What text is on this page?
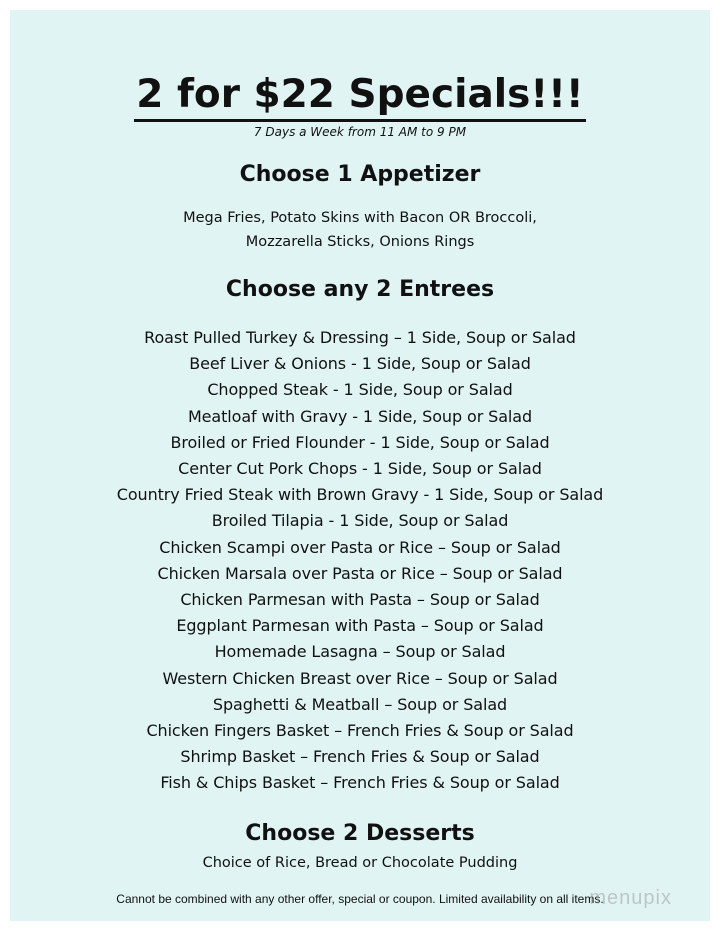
2 for $22 Specials!!!
7 Days a Week from 11 AM to 9 PM
Choose 1 Appetizer
Mega Fries, Potato Skins with Bacon OR Broccoli,
Mozzarella Sticks, Onions Rings
Choose any 2 Entrees
Roast Pulled Turkey & Dressing – 1 Side, Soup or Salad
Beef Liver & Onions - 1 Side, Soup or Salad
Chopped Steak - 1 Side, Soup or Salad
Meatloaf with Gravy - 1 Side, Soup or Salad
Broiled or Fried Flounder - 1 Side, Soup or Salad
Center Cut Pork Chops - 1 Side, Soup or Salad
Country Fried Steak with Brown Gravy - 1 Side, Soup or Salad
Broiled Tilapia - 1 Side, Soup or Salad
Chicken Scampi over Pasta or Rice – Soup or Salad
Chicken Marsala over Pasta or Rice – Soup or Salad
Chicken Parmesan with Pasta – Soup or Salad
Eggplant Parmesan with Pasta – Soup or Salad
Homemade Lasagna – Soup or Salad
Western Chicken Breast over Rice – Soup or Salad
Spaghetti & Meatball – Soup or Salad
Chicken Fingers Basket – French Fries & Soup or Salad
Shrimp Basket – French Fries & Soup or Salad
Fish & Chips Basket – French Fries & Soup or Salad
Choose 2 Desserts
Choice of Rice, Bread or Chocolate Pudding
Cannot be combined with any other offer, special or coupon. Limited availability on all items.
menupix
